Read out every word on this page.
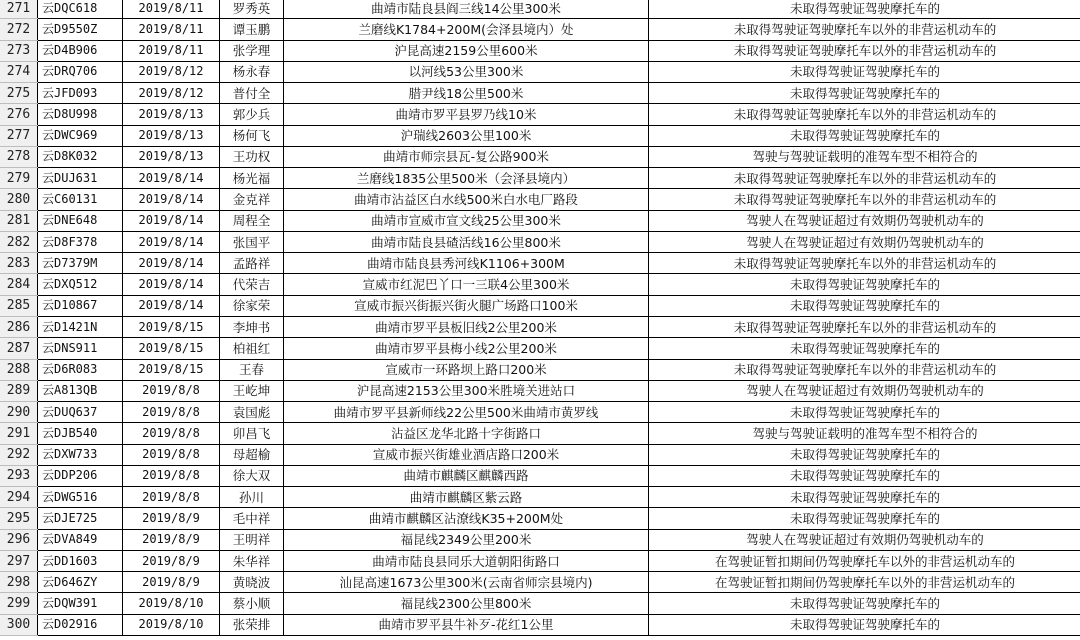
271	云DQC618	2019/8/11	罗秀英	曲靖市陆良县阎三线14公里300米	未取得驾驶证驾驶摩托车的
272	云D9550Z	2019/8/11	谭玉鹏	兰磨线K1784+200M(会泽县境内）处	未取得驾驶证驾驶摩托车以外的非营运机动车的
273	云D4B906	2019/8/11	张学理	沪昆高速2159公里600米	未取得驾驶证驾驶摩托车以外的非营运机动车的
274	云DRQ706	2019/8/12	杨永春	以河线53公里300米	未取得驾驶证驾驶摩托车的
275	云JFD093	2019/8/12	普付全	腊尹线18公里500米	未取得驾驶证驾驶摩托车的
276	云D8U998	2019/8/13	郭少兵	曲靖市罗平县罗乃线10米	未取得驾驶证驾驶摩托车以外的非营运机动车的
277	云DWC969	2019/8/13	杨何飞	沪瑞线2603公里100米	未取得驾驶证驾驶摩托车的
278	云D8K032	2019/8/13	王功权	曲靖市师宗县瓦-复公路900米	驾驶与驾驶证载明的准驾车型不相符合的
279	云DUJ631	2019/8/14	杨光福	兰磨线1835公里500米（会泽县境内）	未取得驾驶证驾驶摩托车以外的非营运机动车的
280	云C60131	2019/8/14	金克祥	曲靖市沾益区白水线500米白水电厂路段	未取得驾驶证驾驶摩托车以外的非营运机动车的
281	云DNE648	2019/8/14	周程全	曲靖市宣威市宣文线25公里300米	驾驶人在驾驶证超过有效期仍驾驶机动车的
282	云D8F378	2019/8/14	张国平	曲靖市陆良县碴活线16公里800米	驾驶人在驾驶证超过有效期仍驾驶机动车的
283	云D7379M	2019/8/14	孟路祥	曲靖市陆良县秀河线K1106+300M	未取得驾驶证驾驶摩托车以外的非营运机动车的
284	云DXQ512	2019/8/14	代荣吉	宣威市红泥巴丫口一三联4公里300米	未取得驾驶证驾驶摩托车的
285	云D10867	2019/8/14	徐家荣	宣威市振兴街振兴街火腿广场路口100米	未取得驾驶证驾驶摩托车的
286	云D1421N	2019/8/15	李坤书	曲靖市罗平县板旧线2公里200米	未取得驾驶证驾驶摩托车以外的非营运机动车的
287	云DNS911	2019/8/15	柏祖红	曲靖市罗平县梅小线2公里200米	未取得驾驶证驾驶摩托车的
288	云D6R083	2019/8/15	王春	宣威市一环路坝上路口200米	未取得驾驶证驾驶摩托车以外的非营运机动车的
289	云A813QB	2019/8/8	王屹坤	沪昆高速2153公里300米胜境关进站口	驾驶人在驾驶证超过有效期仍驾驶机动车的
290	云DUQ637	2019/8/8	袁国彪	曲靖市罗平县新师线22公里500米曲靖市黄罗线	未取得驾驶证驾驶摩托车的
291	云DJB540	2019/8/8	卯昌飞	沾益区龙华北路十字街路口	驾驶与驾驶证载明的准驾车型不相符合的
292	云DXW733	2019/8/8	母超榆	宣威市振兴街雄业酒店路口200米	未取得驾驶证驾驶摩托车的
293	云DDP206	2019/8/8	徐大双	曲靖市麒麟区麒麟西路	未取得驾驶证驾驶摩托车的
294	云DWG516	2019/8/8	孙川	曲靖市麒麟区紫云路	未取得驾驶证驾驶摩托车的
295	云DJE725	2019/8/9	毛中祥	曲靖市麒麟区沾潦线K35+200M处	未取得驾驶证驾驶摩托车的
296	云DVA849	2019/8/9	王明祥	福昆线2349公里200米	驾驶人在驾驶证超过有效期仍驾驶机动车的
297	云DD1603	2019/8/9	朱华祥	曲靖市陆良县同乐大道朝阳街路口	在驾驶证暂扣期间仍驾驶摩托车以外的非营运机动车的
298	云D646ZY	2019/8/9	黄晓波	汕昆高速1673公里300米(云南省师宗县境内)	在驾驶证暂扣期间仍驾驶摩托车以外的非营运机动车的
299	云DQW391	2019/8/10	蔡小顺	福昆线2300公里800米	未取得驾驶证驾驶摩托车的
300	云D02916	2019/8/10	张荣排	曲靖市罗平县牛补歹-花红1公里	未取得驾驶证驾驶摩托车的
